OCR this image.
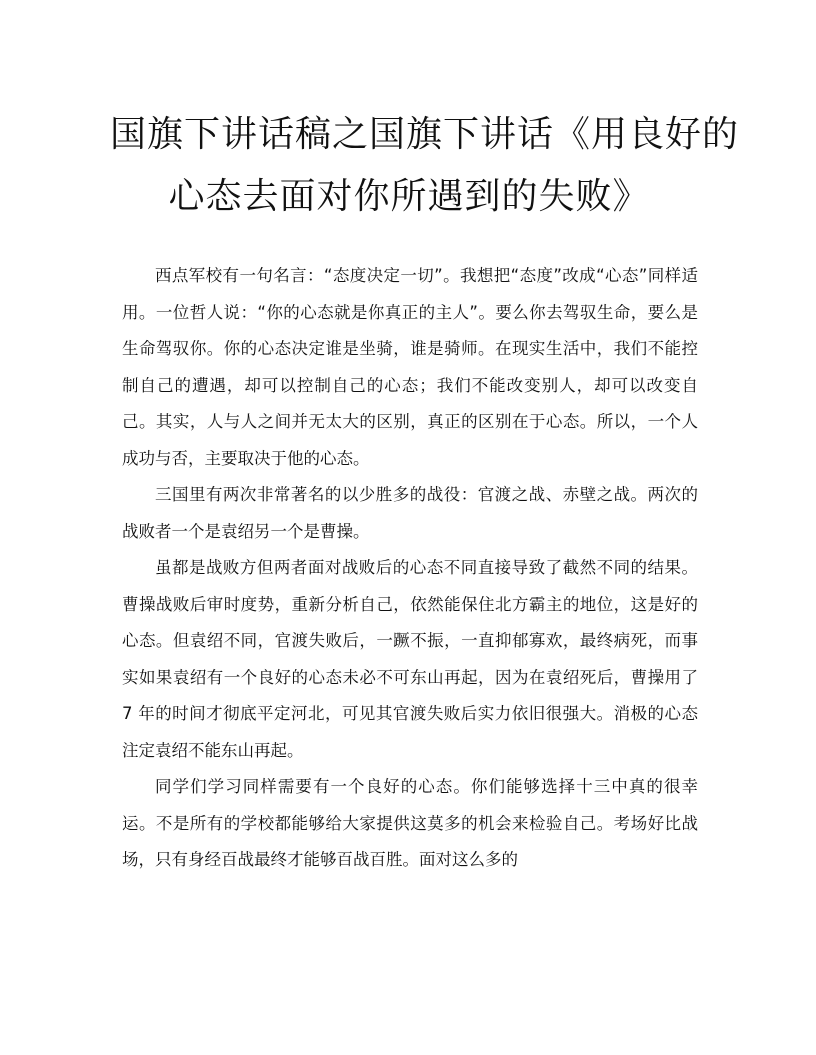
国旗下讲话稿之国旗下讲话《用良好的
心态去面对你所遇到的失败》

西点军校有一句名言：“态度决定一切”。我想把“态度”改成“心态”同样适用。一位哲人说：“你的心态就是你真正的主人”。要么你去驾驭生命，要么是生命驾驭你。你的心态决定谁是坐骑，谁是骑师。在现实生活中，我们不能控制自己的遭遇，却可以控制自己的心态；我们不能改变别人，却可以改变自己。其实，人与人之间并无太大的区别，真正的区别在于心态。所以，一个人成功与否，主要取决于他的心态。

三国里有两次非常著名的以少胜多的战役：官渡之战、赤壁之战。两次的战败者一个是袁绍另一个是曹操。

虽都是战败方但两者面对战败后的心态不同直接导致了截然不同的结果。曹操战败后审时度势，重新分析自己，依然能保住北方霸主的地位，这是好的心态。但袁绍不同，官渡失败后，一蹶不振，一直抑郁寡欢，最终病死，而事实如果袁绍有一个良好的心态未必不可东山再起，因为在袁绍死后，曹操用了 7 年的时间才彻底平定河北，可见其官渡失败后实力依旧很强大。消极的心态注定袁绍不能东山再起。

同学们学习同样需要有一个良好的心态。你们能够选择十三中真的很幸运。不是所有的学校都能够给大家提供这莫多的机会来检验自己。考场好比战场，只有身经百战最终才能够百战百胜。面对这么多的
